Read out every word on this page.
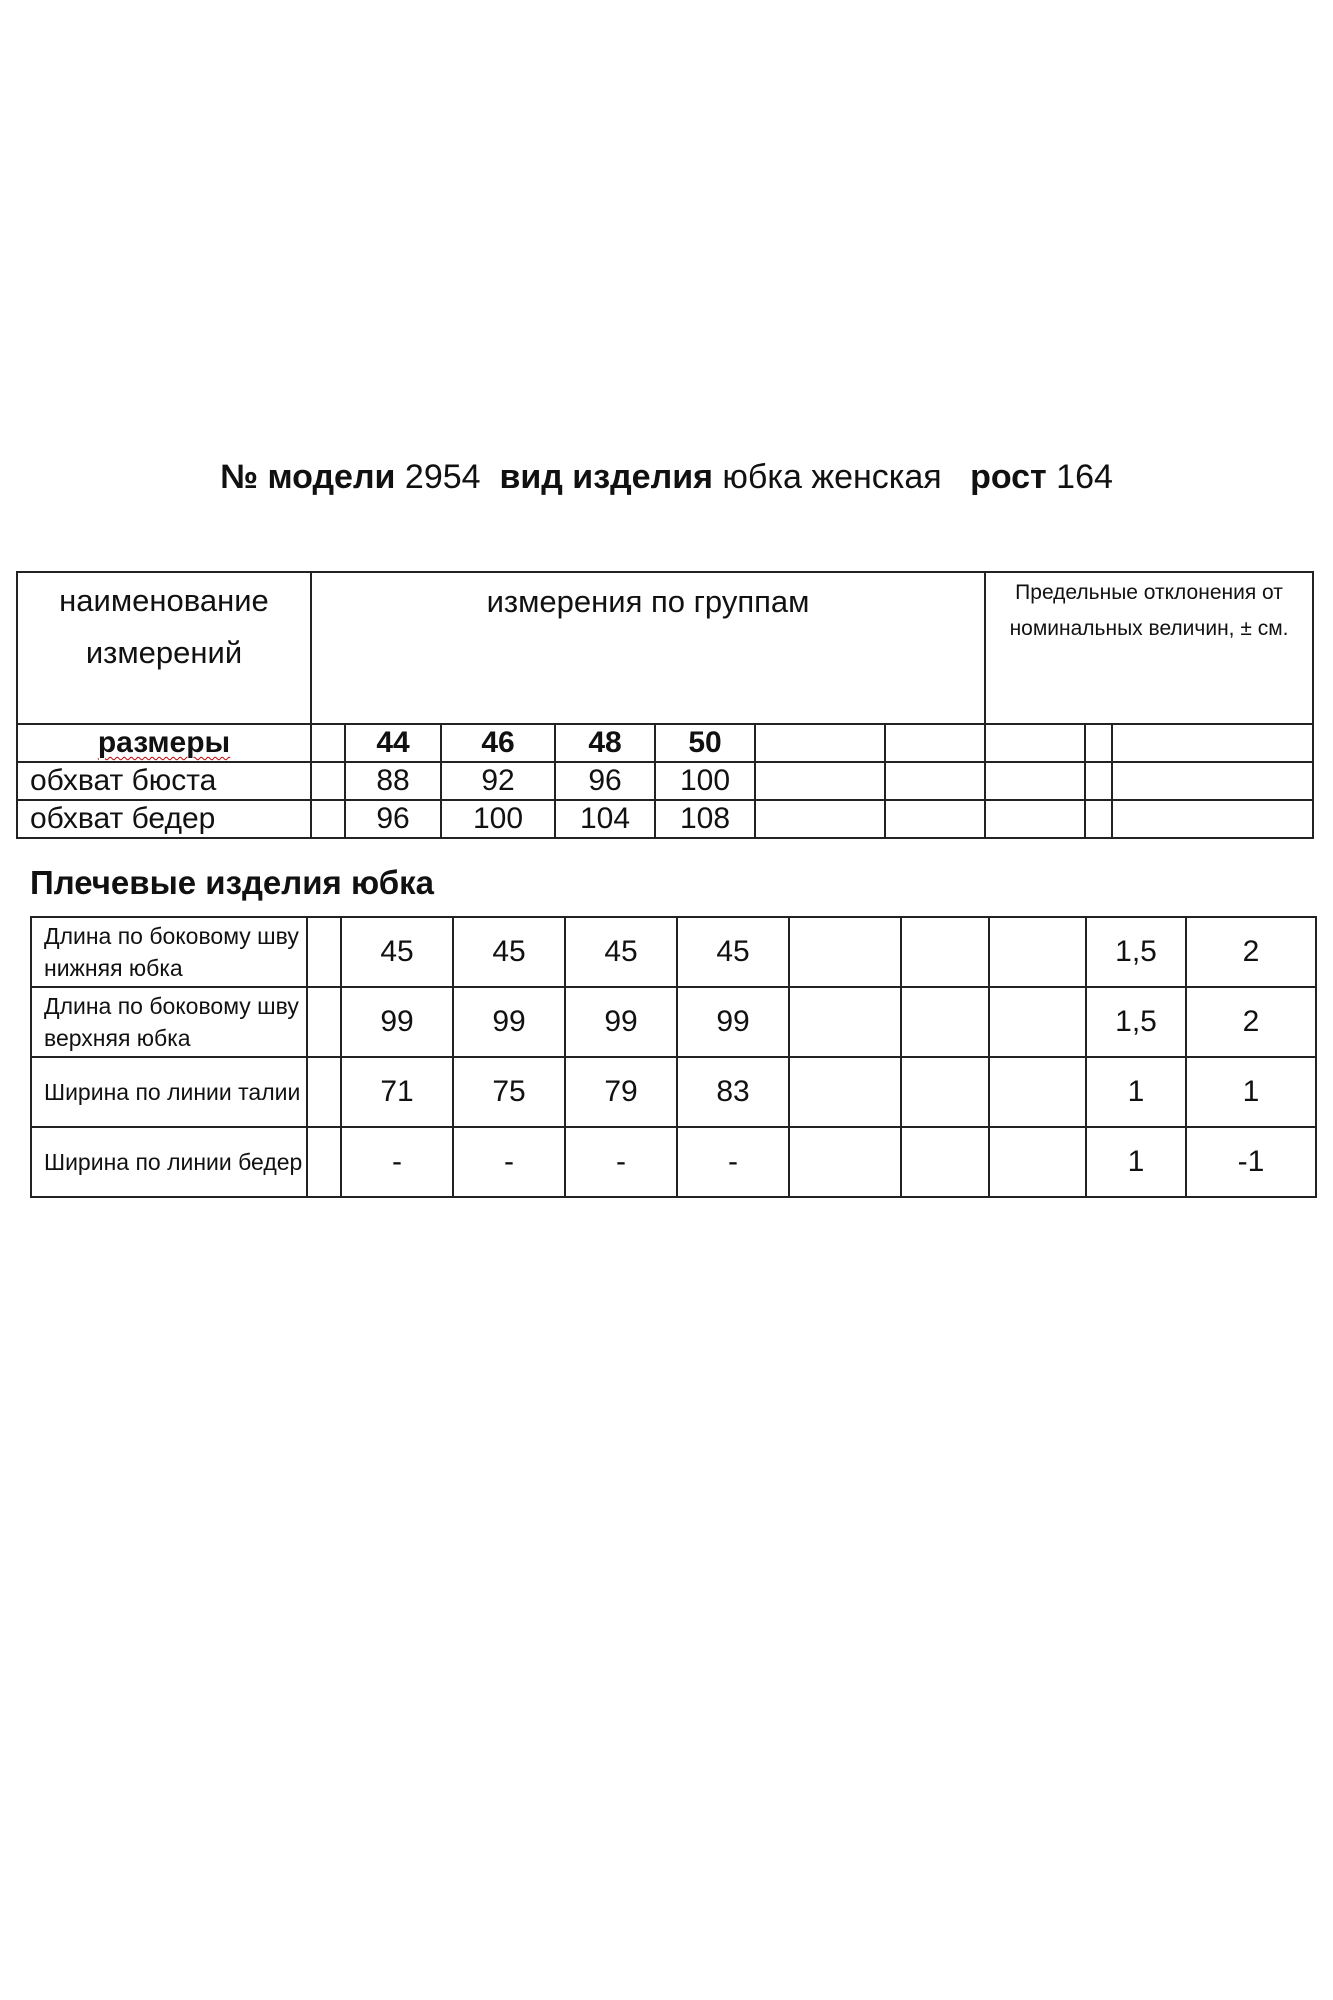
№ модели 2954 вид изделия юбка женская рост 164
наименование измерений	измерения по группам							Предельные отклонения от номинальных величин, ± см.		
размеры		44	46	48	50					
обхват бюста		88	92	96	100					
обхват бедер		96	100	104	108					
Плечевые изделия юбка
Длина по боковому шву нижняя юбка		45	45	45	45				1,5	2
Длина по боковому шву верхняя юбка		99	99	99	99				1,5	2
Ширина по линии талии		71	75	79	83				1	1
Ширина по линии бедер		-	-	-	-				1	-1
